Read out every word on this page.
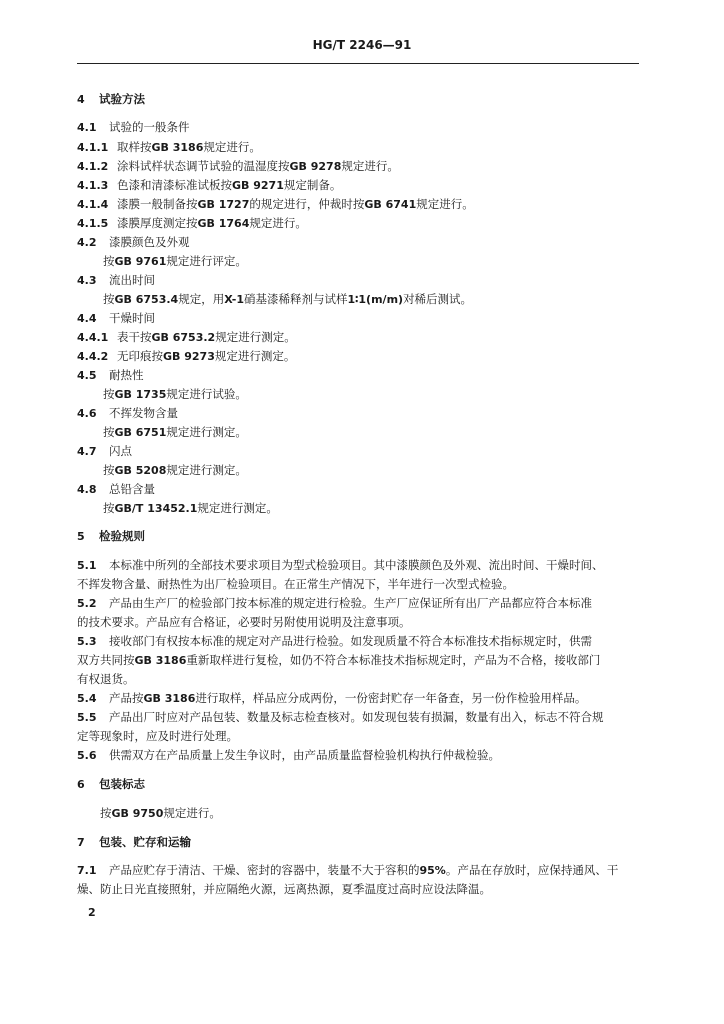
HG/T 2246—91
4 试验方法
4.1 试验的一般条件
4.1.1 取样按GB 3186规定进行。
4.1.2 涂料试样状态调节试验的温湿度按GB 9278规定进行。
4.1.3 色漆和清漆标准试板按GB 9271规定制备。
4.1.4 漆膜一般制备按GB 1727的规定进行，仲裁时按GB 6741规定进行。
4.1.5 漆膜厚度测定按GB 1764规定进行。
4.2 漆膜颜色及外观
按GB 9761规定进行评定。
4.3 流出时间
按GB 6753.4规定，用X-1硝基漆稀释剂与试样1∶1(m/m)对稀后测试。
4.4 干燥时间
4.4.1 表干按GB 6753.2规定进行测定。
4.4.2 无印痕按GB 9273规定进行测定。
4.5 耐热性
按GB 1735规定进行试验。
4.6 不挥发物含量
按GB 6751规定进行测定。
4.7 闪点
按GB 5208规定进行测定。
4.8 总铅含量
按GB/T 13452.1规定进行测定。
5 检验规则
5.1 本标准中所列的全部技术要求项目为型式检验项目。其中漆膜颜色及外观、流出时间、干燥时间、
不挥发物含量、耐热性为出厂检验项目。在正常生产情况下，半年进行一次型式检验。
5.2 产品由生产厂的检验部门按本标准的规定进行检验。生产厂应保证所有出厂产品都应符合本标准
的技术要求。产品应有合格证，必要时另附使用说明及注意事项。
5.3 接收部门有权按本标准的规定对产品进行检验。如发现质量不符合本标准技术指标规定时，供需
双方共同按GB 3186重新取样进行复检，如仍不符合本标准技术指标规定时，产品为不合格，接收部门
有权退货。
5.4 产品按GB 3186进行取样，样品应分成两份，一份密封贮存一年备查，另一份作检验用样品。
5.5 产品出厂时应对产品包装、数量及标志检查核对。如发现包装有损漏，数量有出入，标志不符合规
定等现象时，应及时进行处理。
5.6 供需双方在产品质量上发生争议时，由产品质量监督检验机构执行仲裁检验。
6 包装标志
按GB 9750规定进行。
7 包装、贮存和运输
7.1 产品应贮存于清洁、干燥、密封的容器中，装量不大于容积的95%。产品在存放时，应保持通风、干
燥、防止日光直接照射，并应隔绝火源，远离热源，夏季温度过高时应设法降温。
2
